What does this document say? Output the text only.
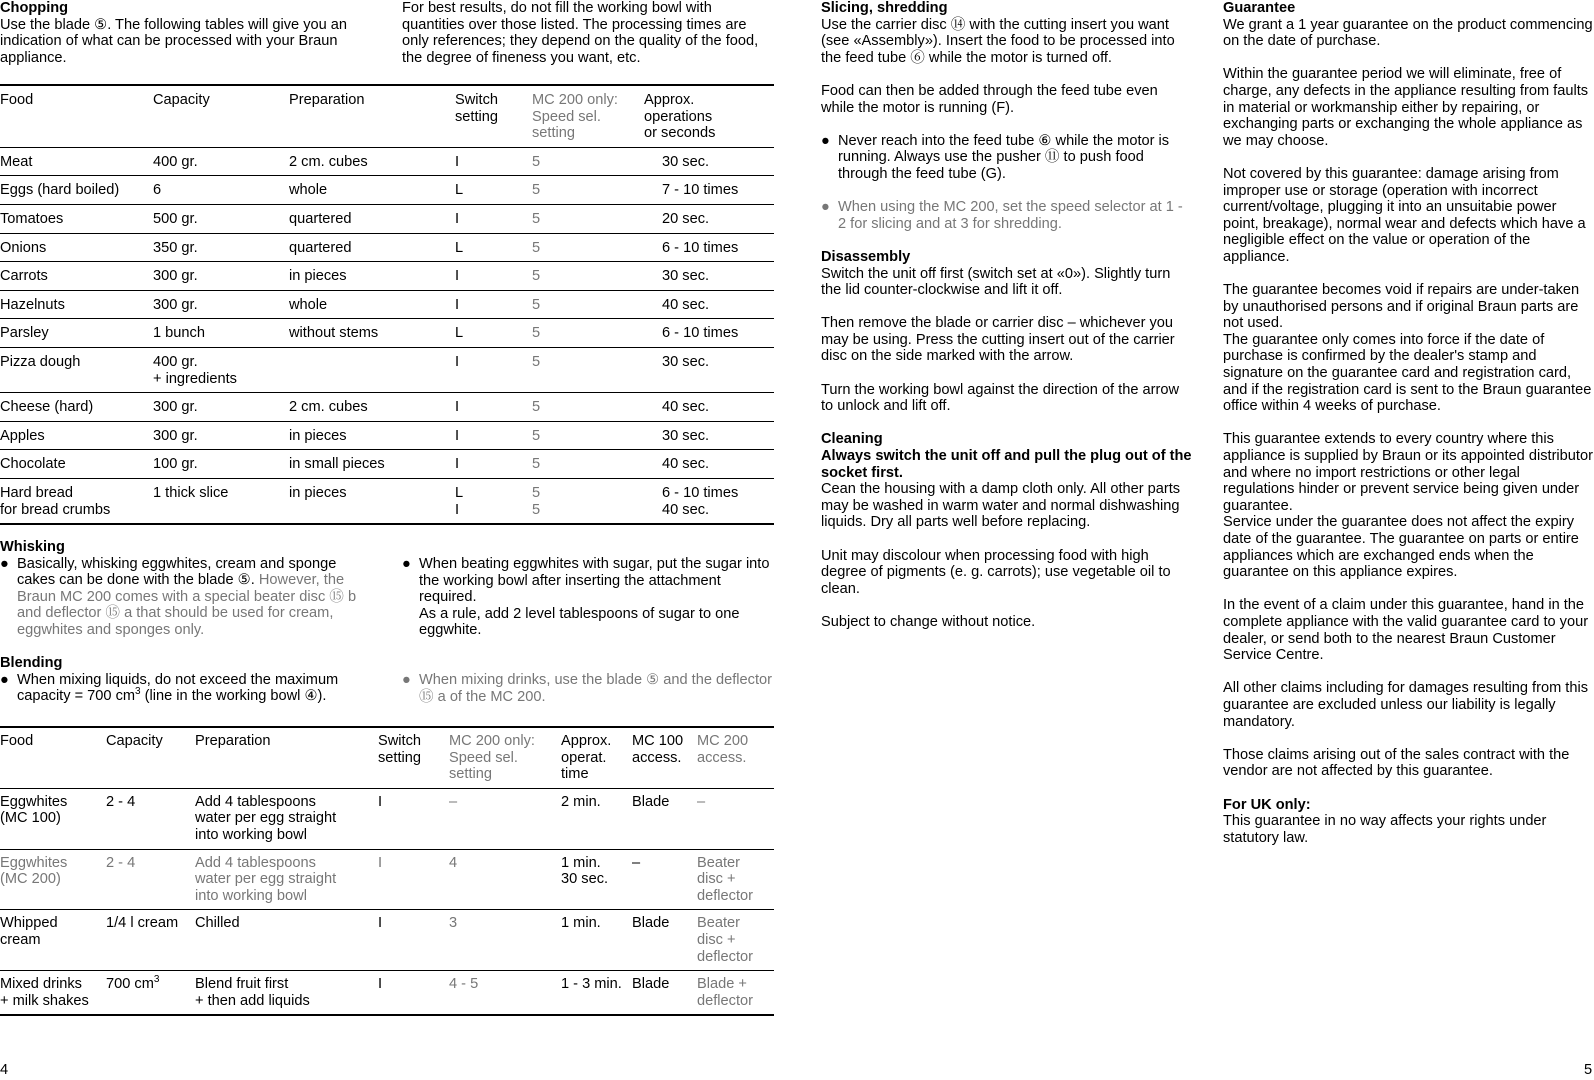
Chopping

Use the blade ⑤. The following tables will give you an indication of what can be processed with your Braun appliance.

For best results, do not fill the working bowl with quantities over those listed. The processing times are only references; they depend on the quality of the food, the degree of fineness you want, etc.

Food	Capacity	Preparation	Switch
setting	MC 200 only:
Speed sel.
setting	Approx.
operations
or seconds
Meat	400 gr.	2 cm. cubes	I	5	30 sec.
Eggs (hard boiled)	6	whole	L	5	7 - 10 times
Tomatoes	500 gr.	quartered	I	5	20 sec.
Onions	350 gr.	quartered	L	5	6 - 10 times
Carrots	300 gr.	in pieces	I	5	30 sec.
Hazelnuts	300 gr.	whole	I	5	40 sec.
Parsley	1 bunch	without stems	L	5	6 - 10 times
Pizza dough	400 gr.
+ ingredients		I	5	30 sec.
Cheese (hard)	300 gr.	2 cm. cubes	I	5	40 sec.
Apples	300 gr.	in pieces	I	5	30 sec.
Chocolate	100 gr.	in small pieces	I	5	40 sec.
Hard bread
for bread crumbs	1 thick slice	in pieces	L
I	5
5	6 - 10 times
40 sec.
Whisking
●
Basically, whisking eggwhites, cream and sponge cakes can be done with the blade ⑤. However, the Braun MC 200 comes with a special beater disc ⑮ b and deflector ⑮ a that should be used for cream, eggwhites and sponges only.
●
When beating eggwhites with sugar, put the sugar into the working bowl after inserting the attachment required.
As a rule, add 2 level tablespoons of sugar to one eggwhite.
Blending
●
When mixing liquids, do not exceed the maximum capacity = 700 $cm^3$ (line in the working bowl ④).
●
When mixing drinks, use the blade ⑤ and the deflector ⑮ a of the MC 200.
Food	Capacity	Preparation	Switch
setting	MC 200 only:
Speed sel.
setting	Approx.
operat.
time	MC 100
access.	MC 200
access.
Eggwhites
(MC 100)	2 - 4	Add 4 tablespoons
water per egg straight
into working bowl	I	–	2 min.	Blade	–
Eggwhites
(MC 200)	2 - 4	Add 4 tablespoons
water per egg straight
into working bowl	I	4	1 min.
30 sec.	–	Beater
disc +
deflector
Whipped
cream	1/4 l cream	Chilled	I	3	1 min.	Blade	Beater
disc +
deflector
Mixed drinks
+ milk shakes	700 $cm^3$	Blend fruit first
+ then add liquids	I	4 - 5	1 - 3 min.	Blade	Blade +
deflector
4
Slicing, shredding

Use the carrier disc ⑭ with the cutting insert you want (see «Assembly»). Insert the food to be processed into the feed tube ⑥ while the motor is turned off.

Food can then be added through the feed tube even while the motor is running (F).

●
Never reach into the feed tube ⑥ while the motor is running. Always use the pusher ⑪ to push food through the feed tube (G).
●
When using the MC 200, set the speed selector at 1 - 2 for slicing and at 3 for shredding.
Disassembly

Switch the unit off first (switch set at «0»). Slightly turn the lid counter-clockwise and lift it off.

Then remove the blade or carrier disc – whichever you may be using. Press the cutting insert out of the carrier disc on the side marked with the arrow.

Turn the working bowl against the direction of the arrow to unlock and lift off.

Cleaning

Always switch the unit off and pull the plug out of the socket first.

Cean the housing with a damp cloth only. All other parts may be washed in warm water and normal dishwashing liquids. Dry all parts well before replacing.

Unit may discolour when processing food with high degree of pigments (e. g. carrots); use vegetable oil to clean.

Subject to change without notice.

Guarantee

We grant a 1 year guarantee on the product commencing on the date of purchase.

Within the guarantee period we will eliminate, free of charge, any defects in the appliance resulting from faults in material or workmanship either by repairing, or exchanging parts or exchanging the whole appliance as we may choose.

Not covered by this guarantee: damage arising from improper use or storage (operation with incorrect current/voltage, plugging it into an unsuitabie power point, breakage), normal wear and defects which have a negligible effect on the value or operation of the appliance.

The guarantee becomes void if repairs are under-taken by unauthorised persons and if original Braun parts are not used.

The guarantee only comes into force if the date of purchase is confirmed by the dealer's stamp and signature on the guarantee card and registration card, and if the registration card is sent to the Braun guarantee office within 4 weeks of purchase.

This guarantee extends to every country where this appliance is supplied by Braun or its appointed distributor and where no import restrictions or other legal regulations hinder or prevent service being given under guarantee.

Service under the guarantee does not affect the expiry date of the guarantee. The guarantee on parts or entire appliances which are exchanged ends when the guarantee on this appliance expires.

In the event of a claim under this guarantee, hand in the complete appliance with the valid guarantee card to your dealer, or send both to the nearest Braun Customer Service Centre.

All other claims including for damages resulting from this guarantee are excluded unless our liability is legally mandatory.

Those claims arising out of the sales contract with the vendor are not affected by this guarantee.

For UK only:

This guarantee in no way affects your rights under statutory law.

5
